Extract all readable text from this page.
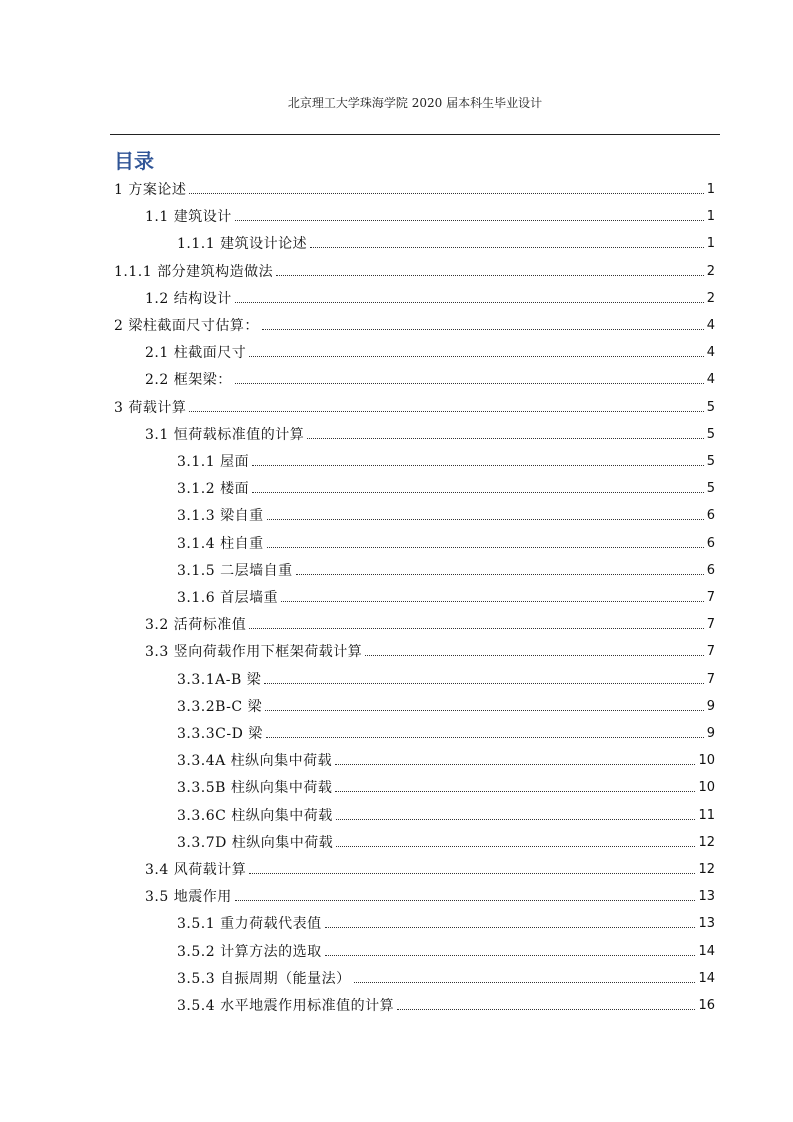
北京理工大学珠海学院 2020 届本科生毕业设计
目录
1 方案论述	1
1.1 建筑设计	1
1.1.1 建筑设计论述	1
1.1.1 部分建筑构造做法	2
1.2 结构设计	2
2 梁柱截面尺寸估算：	4
2.1 柱截面尺寸	4
2.2 框架梁：	4
3 荷载计算	5
3.1 恒荷载标准值的计算	5
3.1.1 屋面	5
3.1.2 楼面	5
3.1.3 梁自重	6
3.1.4 柱自重	6
3.1.5 二层墙自重	6
3.1.6 首层墙重	7
3.2 活荷标准值	7
3.3 竖向荷载作用下框架荷载计算	7
3.3.1A-B 梁	7
3.3.2B-C 梁	9
3.3.3C-D 梁	9
3.3.4A 柱纵向集中荷载	10
3.3.5B 柱纵向集中荷载	10
3.3.6C 柱纵向集中荷载	11
3.3.7D 柱纵向集中荷载	12
3.4 风荷载计算	12
3.5 地震作用	13
3.5.1 重力荷载代表值	13
3.5.2 计算方法的选取	14
3.5.3 自振周期（能量法）	14
3.5.4 水平地震作用标准值的计算	16
